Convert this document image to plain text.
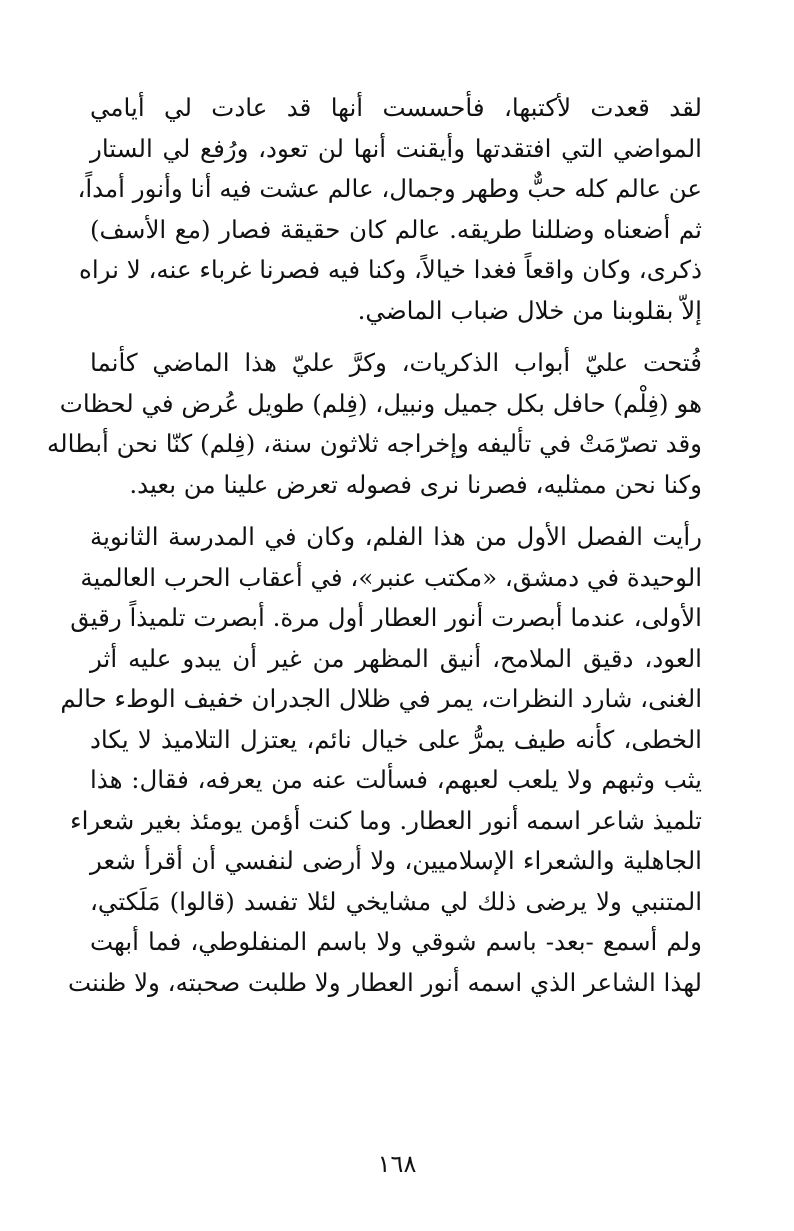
لقد قعدت لأكتبها، فأحسست أنها قد عادت لي أيامي
المواضي التي افتقدتها وأيقنت أنها لن تعود، ورُفع لي الستار
عن عالم كله حبٌّ وطهر وجمال، عالم عشت فيه أنا وأنور أمداً،
ثم أضعناه وضللنا طريقه. عالم كان حقيقة فصار (مع الأسف)
ذكرى، وكان واقعاً فغدا خيالاً، وكنا فيه فصرنا غرباء عنه، لا نراه
إلاّ بقلوبنا من خلال ضباب الماضي.

فُتحت عليّ أبواب الذكريات، وكرَّ عليّ هذا الماضي كأنما
هو (فِلْم) حافل بكل جميل ونبيل، (فِلم) طويل عُرض في لحظات
وقد تصرّمَتْ في تأليفه وإخراجه ثلاثون سنة، (فِلم) كنّا نحن أبطاله
وكنا نحن ممثليه، فصرنا نرى فصوله تعرض علينا من بعيد.

رأيت الفصل الأول من هذا الفلم، وكان في المدرسة الثانوية
الوحيدة في دمشق، «مكتب عنبر»، في أعقاب الحرب العالمية
الأولى، عندما أبصرت أنور العطار أول مرة. أبصرت تلميذاً رقيق
العود، دقيق الملامح، أنيق المظهر من غير أن يبدو عليه أثر
الغنى، شارد النظرات، يمر في ظلال الجدران خفيف الوطء حالم
الخطى، كأنه طيف يمرُّ على خيال نائم، يعتزل التلاميذ لا يكاد
يثب وثبهم ولا يلعب لعبهم، فسألت عنه من يعرفه، فقال: هذا
تلميذ شاعر اسمه أنور العطار. وما كنت أؤمن يومئذ بغير شعراء
الجاهلية والشعراء الإسلاميين، ولا أرضى لنفسي أن أقرأ شعر
المتنبي ولا يرضى ذلك لي مشايخي لئلا تفسد (قالوا) مَلَكتي،
ولم أسمع -بعد- باسم شوقي ولا باسم المنفلوطي، فما أبهت
لهذا الشاعر الذي اسمه أنور العطار ولا طلبت صحبته، ولا ظننت

١٦٨
